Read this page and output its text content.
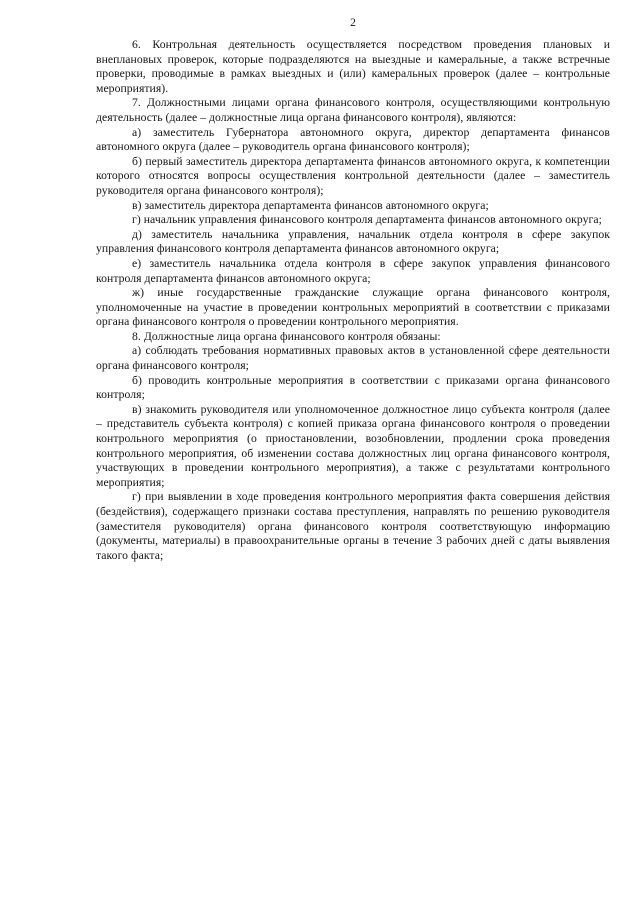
2

6. Контрольная деятельность осуществляется посредством проведения плановых и внеплановых проверок, которые подразделяются на выездные и камеральные, а также встречные проверки, проводимые в рамках выездных и (или) камеральных проверок (далее – контрольные мероприятия).

7. Должностными лицами органа финансового контроля, осуществляющими контрольную деятельность (далее – должностные лица органа финансового контроля), являются:

а) заместитель Губернатора автономного округа, директор департамента финансов автономного округа (далее – руководитель органа финансового контроля);

б) первый заместитель директора департамента финансов автономного округа, к компетенции которого относятся вопросы осуществления контрольной деятельности (далее – заместитель руководителя органа финансового контроля);

в) заместитель директора департамента финансов автономного округа;

г) начальник управления финансового контроля департамента финансов автономного округа;

д) заместитель начальника управления, начальник отдела контроля в сфере закупок управления финансового контроля департамента финансов автономного округа;

е) заместитель начальника отдела контроля в сфере закупок управления финансового контроля департамента финансов автономного округа;

ж) иные государственные гражданские служащие органа финансового контроля, уполномоченные на участие в проведении контрольных мероприятий в соответствии с приказами органа финансового контроля о проведении контрольного мероприятия.

8. Должностные лица органа финансового контроля обязаны:

а) соблюдать требования нормативных правовых актов в установленной сфере деятельности органа финансового контроля;

б) проводить контрольные мероприятия в соответствии с приказами органа финансового контроля;

в) знакомить руководителя или уполномоченное должностное лицо субъекта контроля (далее – представитель субъекта контроля) с копией приказа органа финансового контроля о проведении контрольного мероприятия (о приостановлении, возобновлении, продлении срока проведения контрольного мероприятия, об изменении состава должностных лиц органа финансового контроля, участвующих в проведении контрольного мероприятия), а также с результатами контрольного мероприятия;

г) при выявлении в ходе проведения контрольного мероприятия факта совершения действия (бездействия), содержащего признаки состава преступления, направлять по решению руководителя (заместителя руководителя) органа финансового контроля соответствующую информацию (документы, материалы) в правоохранительные органы в течение 3 рабочих дней с даты выявления такого факта;
